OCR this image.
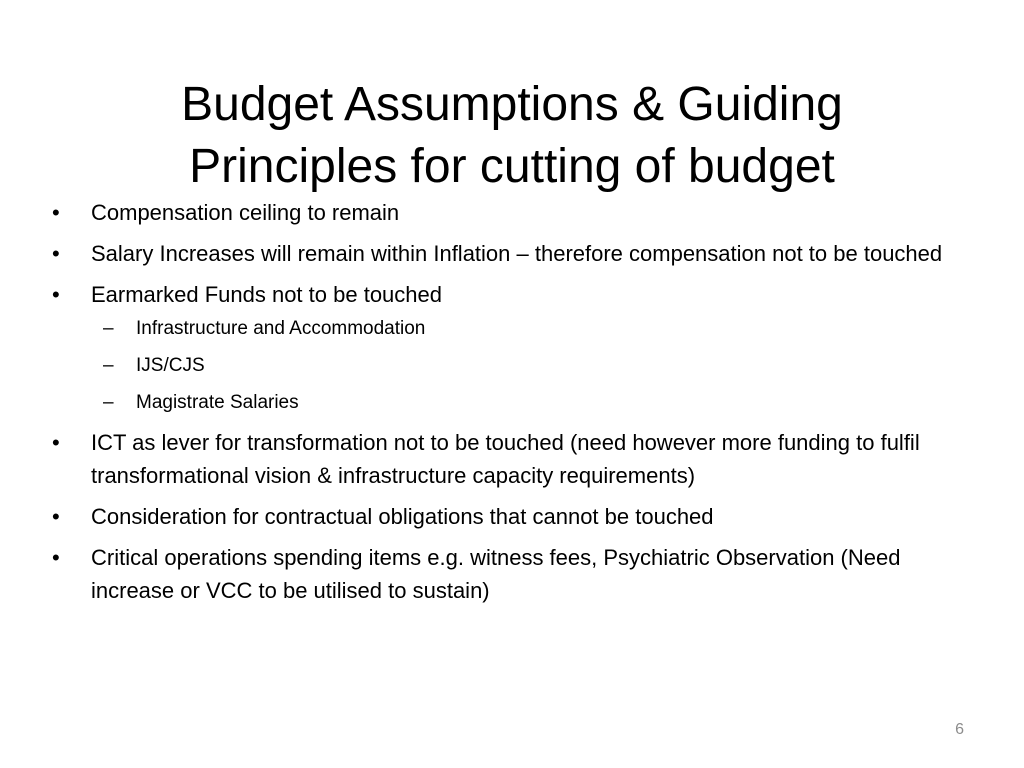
Budget Assumptions & Guiding
Principles for cutting of budget
•	Compensation ceiling to remain
•	Salary Increases will remain within Inflation – therefore compensation not to be touched
•	Earmarked Funds not to be touched
– Infrastructure and Accommodation
– IJS/CJS
– Magistrate Salaries
•	ICT as lever for transformation not to be touched (need however more funding to fulfil transformational vision & infrastructure capacity requirements)
•	Consideration for contractual obligations that cannot be touched
•	Critical operations spending items e.g. witness fees, Psychiatric Observation (Need increase or VCC to be utilised to sustain)
6
